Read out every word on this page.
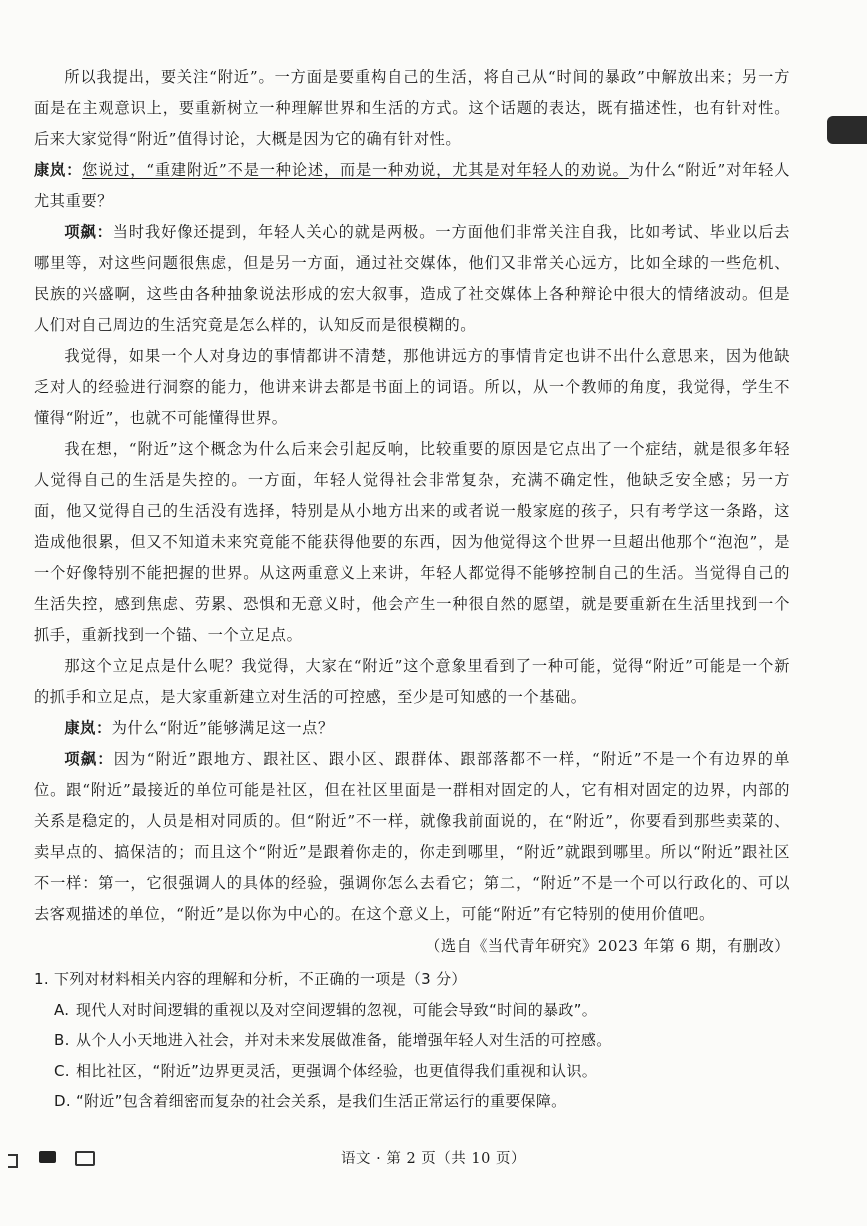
所以我提出，要关注“附近”。一方面是要重构自己的生活，将自己从“时间的暴政”中解放出来；另一方面是在主观意识上，要重新树立一种理解世界和生活的方式。这个话题的表达，既有描述性，也有针对性。后来大家觉得“附近”值得讨论，大概是因为它的确有针对性。

康岚：您说过，“重建附近”不是一种论述，而是一种劝说，尤其是对年轻人的劝说。为什么“附近”对年轻人尤其重要？

项飙：当时我好像还提到，年轻人关心的就是两极。一方面他们非常关注自我，比如考试、毕业以后去哪里等，对这些问题很焦虑，但是另一方面，通过社交媒体，他们又非常关心远方，比如全球的一些危机、民族的兴盛啊，这些由各种抽象说法形成的宏大叙事，造成了社交媒体上各种辩论中很大的情绪波动。但是人们对自己周边的生活究竟是怎么样的，认知反而是很模糊的。

我觉得，如果一个人对身边的事情都讲不清楚，那他讲远方的事情肯定也讲不出什么意思来，因为他缺乏对人的经验进行洞察的能力，他讲来讲去都是书面上的词语。所以，从一个教师的角度，我觉得，学生不懂得“附近”，也就不可能懂得世界。

我在想，“附近”这个概念为什么后来会引起反响，比较重要的原因是它点出了一个症结，就是很多年轻人觉得自己的生活是失控的。一方面，年轻人觉得社会非常复杂，充满不确定性，他缺乏安全感；另一方面，他又觉得自己的生活没有选择，特别是从小地方出来的或者说一般家庭的孩子，只有考学这一条路，这造成他很累，但又不知道未来究竟能不能获得他要的东西，因为他觉得这个世界一旦超出他那个“泡泡”，是一个好像特别不能把握的世界。从这两重意义上来讲，年轻人都觉得不能够控制自己的生活。当觉得自己的生活失控，感到焦虑、劳累、恐惧和无意义时，他会产生一种很自然的愿望，就是要重新在生活里找到一个抓手，重新找到一个锚、一个立足点。

那这个立足点是什么呢？我觉得，大家在“附近”这个意象里看到了一种可能，觉得“附近”可能是一个新的抓手和立足点，是大家重新建立对生活的可控感，至少是可知感的一个基础。

康岚：为什么“附近”能够满足这一点？

项飙：因为“附近”跟地方、跟社区、跟小区、跟群体、跟部落都不一样，“附近”不是一个有边界的单位。跟“附近”最接近的单位可能是社区，但在社区里面是一群相对固定的人，它有相对固定的边界，内部的关系是稳定的，人员是相对同质的。但“附近”不一样，就像我前面说的，在“附近”，你要看到那些卖菜的、卖早点的、搞保洁的；而且这个“附近”是跟着你走的，你走到哪里，“附近”就跟到哪里。所以“附近”跟社区不一样：第一，它很强调人的具体的经验，强调你怎么去看它；第二，“附近”不是一个可以行政化的、可以去客观描述的单位，“附近”是以你为中心的。在这个意义上，可能“附近”有它特别的使用价值吧。

（选自《当代青年研究》2023 年第 6 期，有删改）

1. 下列对材料相关内容的理解和分析，不正确的一项是（3 分）

A. 现代人对时间逻辑的重视以及对空间逻辑的忽视，可能会导致“时间的暴政”。

B. 从个人小天地进入社会，并对未来发展做准备，能增强年轻人对生活的可控感。

C. 相比社区，“附近”边界更灵活，更强调个体经验，也更值得我们重视和认识。

D. “附近”包含着细密而复杂的社会关系，是我们生活正常运行的重要保障。

语文 · 第 2 页（共 10 页）
